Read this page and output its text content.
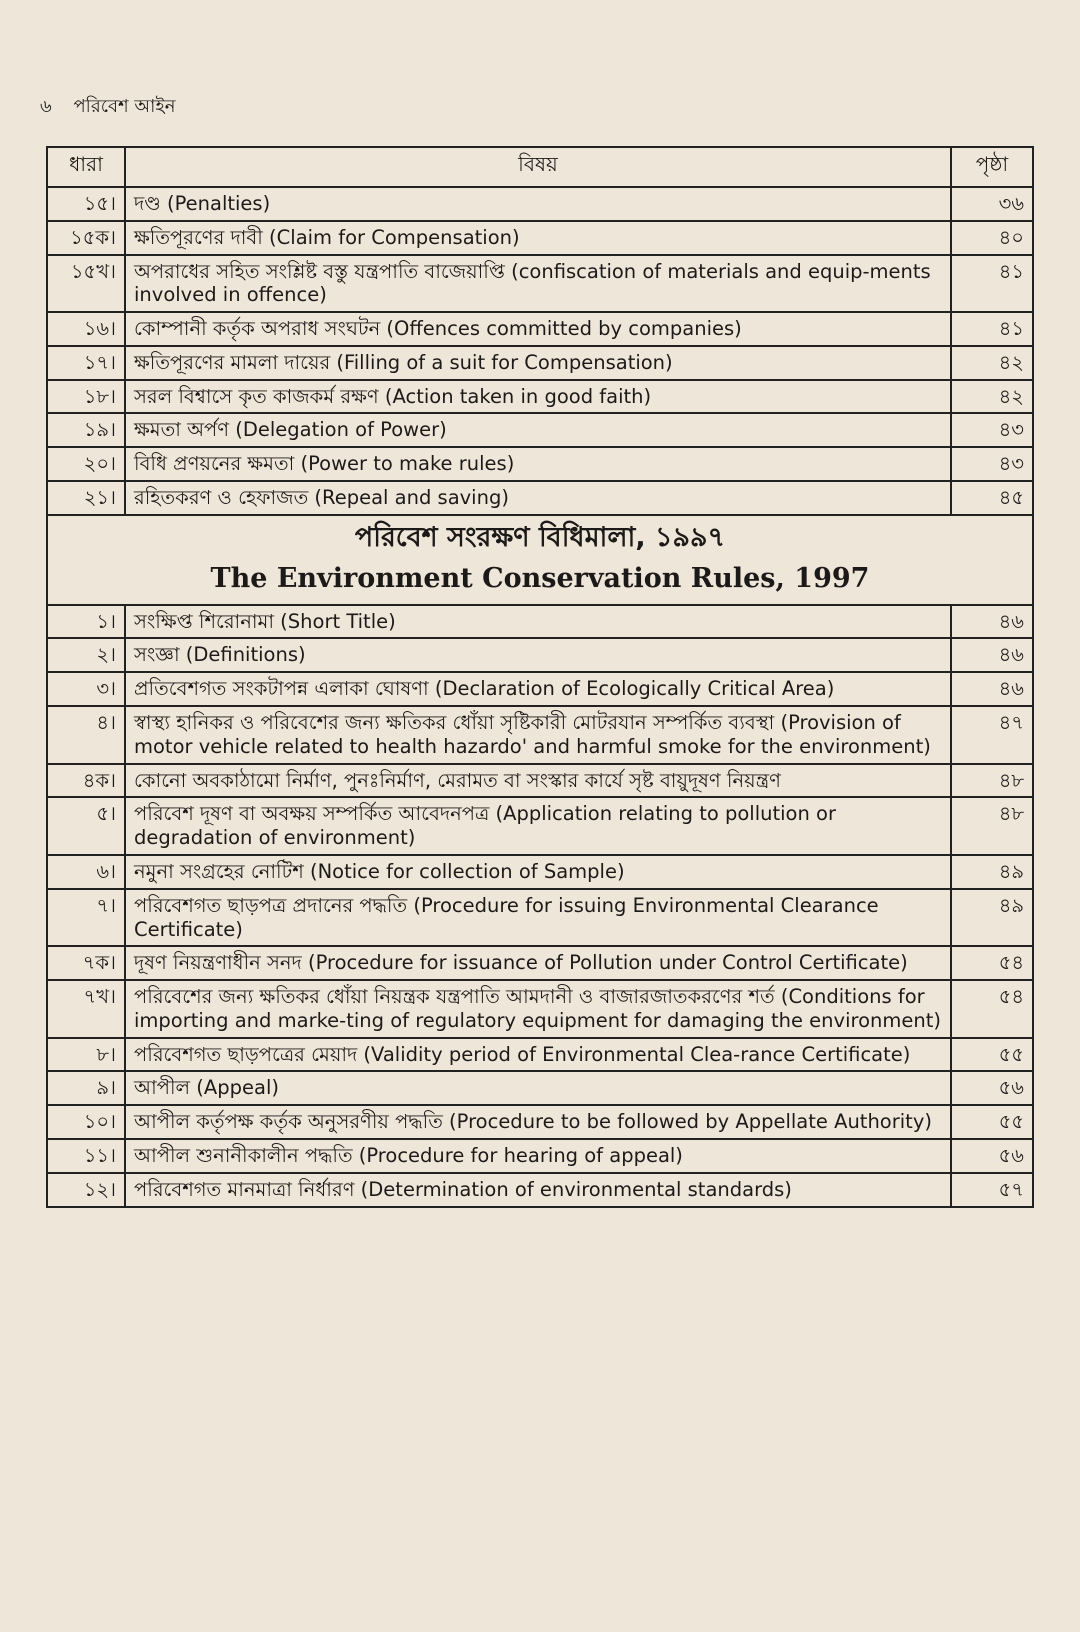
৬ পরিবেশ আইন
ধারা	বিষয়	পৃষ্ঠা
১৫।	দণ্ড (Penalties)	৩৬
১৫ক।	ক্ষতিপূরণের দাবী (Claim for Compensation)	৪০
১৫খ।	অপরাধের সহিত সংশ্লিষ্ট বস্তু যন্ত্রপাতি বাজেয়াপ্তি (confiscation of materials and equip-ments involved in offence)	৪১
১৬।	কোম্পানী কর্তৃক অপরাধ সংঘটন (Offences committed by companies)	৪১
১৭।	ক্ষতিপূরণের মামলা দায়ের (Filling of a suit for Compensation)	৪২
১৮।	সরল বিশ্বাসে কৃত কাজকর্ম রক্ষণ (Action taken in good faith)	৪২
১৯।	ক্ষমতা অর্পণ (Delegation of Power)	৪৩
২০।	বিধি প্রণয়নের ক্ষমতা (Power to make rules)	৪৩
২১।	রহিতকরণ ও হেফাজত (Repeal and saving)	৪৫

পরিবেশ সংরক্ষণ বিধিমালা, ১৯৯৭
The Environment Conservation Rules, 1997		

১।	সংক্ষিপ্ত শিরোনামা (Short Title)	৪৬
২।	সংজ্ঞা (Definitions)	৪৬
৩।	প্রতিবেশগত সংকটাপন্ন এলাকা ঘোষণা (Declaration of Ecologically Critical Area)	৪৬
৪।	স্বাস্থ্য হানিকর ও পরিবেশের জন্য ক্ষতিকর ধোঁয়া সৃষ্টিকারী মোটরযান সম্পর্কিত ব্যবস্থা (Provision of motor vehicle related to health hazardo' and harmful smoke for the environment)	৪৭
৪ক।	কোনো অবকাঠামো নির্মাণ, পুনঃনির্মাণ, মেরামত বা সংস্কার কার্যে সৃষ্ট বায়ুদূষণ নিয়ন্ত্রণ	৪৮
৫।	পরিবেশ দূষণ বা অবক্ষয় সম্পর্কিত আবেদনপত্র (Application relating to pollution or degradation of environment)	৪৮
৬।	নমুনা সংগ্রহের নোটিশ (Notice for collection of Sample)	৪৯
৭।	পরিবেশগত ছাড়পত্র প্রদানের পদ্ধতি (Procedure for issuing Environmental Clearance Certificate)	৪৯
৭ক।	দূষণ নিয়ন্ত্রণাধীন সনদ (Procedure for issuance of Pollution under Control Certificate)	৫৪
৭খ।	পরিবেশের জন্য ক্ষতিকর ধোঁয়া নিয়ন্ত্রক যন্ত্রপাতি আমদানী ও বাজারজাতকরণের শর্ত (Conditions for importing and marke-ting of regulatory equipment for damaging the environment)	৫৪
৮।	পরিবেশগত ছাড়পত্রের মেয়াদ (Validity period of Environmental Clea-rance Certificate)	৫৫
৯।	আপীল (Appeal)	৫৬
১০।	আপীল কর্তৃপক্ষ কর্তৃক অনুসরণীয় পদ্ধতি (Procedure to be followed by Appellate Authority)	৫৫
১১।	আপীল শুনানীকালীন পদ্ধতি (Procedure for hearing of appeal)	৫৬
১২।	পরিবেশগত মানমাত্রা নির্ধারণ (Determination of environmental standards)	৫৭
